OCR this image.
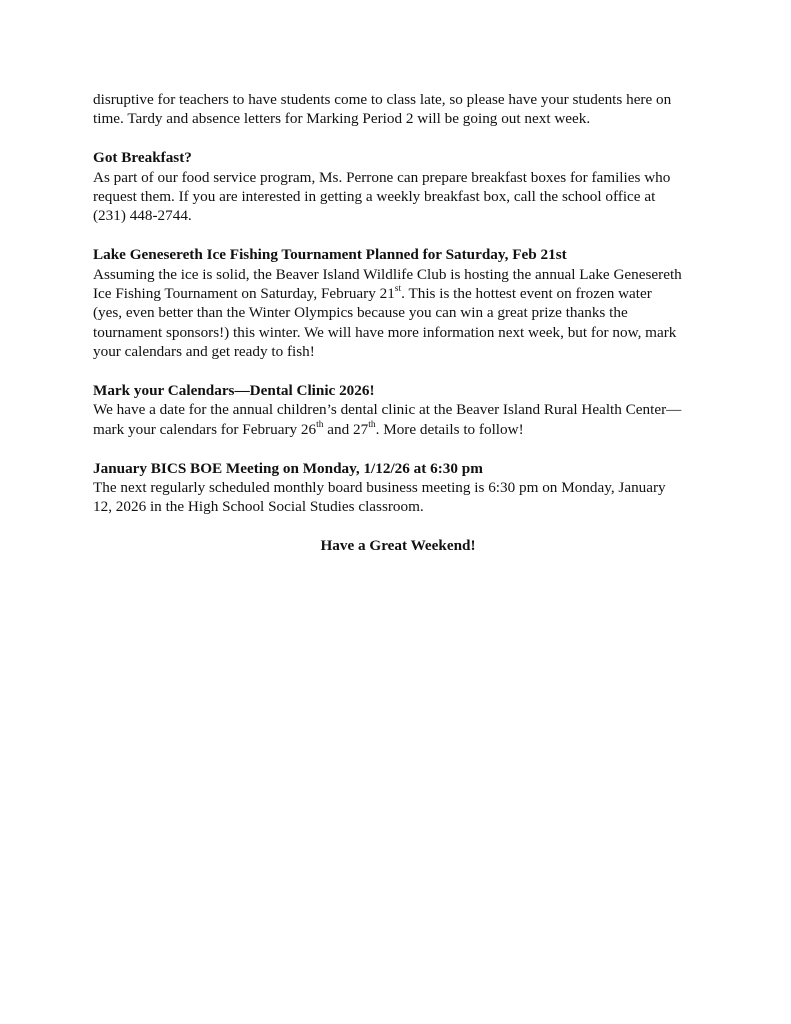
disruptive for teachers to have students come to class late, so please have your students here on
time. Tardy and absence letters for Marking Period 2 will be going out next week.
Got Breakfast?
As part of our food service program, Ms. Perrone can prepare breakfast boxes for families who
request them. If you are interested in getting a weekly breakfast box, call the school office at
(231) 448-2744.
Lake Genesereth Ice Fishing Tournament Planned for Saturday, Feb 21st
Assuming the ice is solid, the Beaver Island Wildlife Club is hosting the annual Lake Genesereth
Ice Fishing Tournament on Saturday, February 21st. This is the hottest event on frozen water
(yes, even better than the Winter Olympics because you can win a great prize thanks the
tournament sponsors!) this winter. We will have more information next week, but for now, mark
your calendars and get ready to fish!
Mark your Calendars—Dental Clinic 2026!
We have a date for the annual children’s dental clinic at the Beaver Island Rural Health Center—
mark your calendars for February 26th and 27th. More details to follow!
January BICS BOE Meeting on Monday, 1/12/26 at 6:30 pm
The next regularly scheduled monthly board business meeting is 6:30 pm on Monday, January
12, 2026 in the High School Social Studies classroom.
Have a Great Weekend!
